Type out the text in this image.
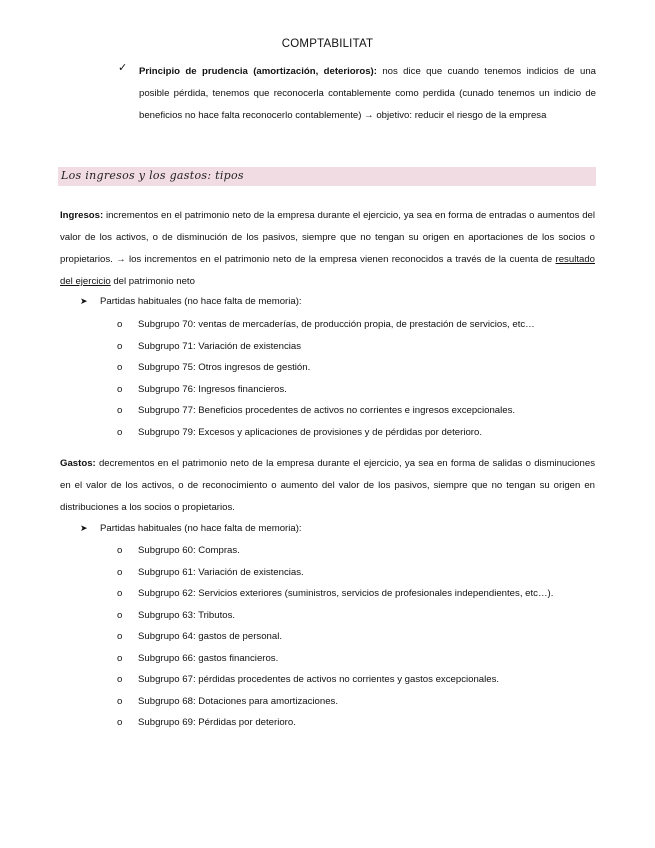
COMPTABILITAT
✓ Principio de prudencia (amortización, deterioros): nos dice que cuando tenemos indicios de una posible pérdida, tenemos que reconocerla contablemente como perdida (cunado tenemos un indicio de beneficios no hace falta reconocerlo contablemente) → objetivo: reducir el riesgo de la empresa
Los ingresos y los gastos: tipos
Ingresos: incrementos en el patrimonio neto de la empresa durante el ejercicio, ya sea en forma de entradas o aumentos del valor de los activos, o de disminución de los pasivos, siempre que no tengan su origen en aportaciones de los socios o propietarios. → los incrementos en el patrimonio neto de la empresa vienen reconocidos a través de la cuenta de resultado del ejercicio del patrimonio neto
➤ Partidas habituales (no hace falta de memoria):
o Subgrupo 70: ventas de mercaderías, de producción propia, de prestación de servicios, etc…
o Subgrupo 71: Variación de existencias
o Subgrupo 75: Otros ingresos de gestión.
o Subgrupo 76: Ingresos financieros.
o Subgrupo 77: Beneficios procedentes de activos no corrientes e ingresos excepcionales.
o Subgrupo 79: Excesos y aplicaciones de provisiones y de pérdidas por deterioro.
Gastos: decrementos en el patrimonio neto de la empresa durante el ejercicio, ya sea en forma de salidas o disminuciones en el valor de los activos, o de reconocimiento o aumento del valor de los pasivos, siempre que no tengan su origen en distribuciones a los socios o propietarios.
➤ Partidas habituales (no hace falta de memoria):
o Subgrupo 60: Compras.
o Subgrupo 61: Variación de existencias.
o Subgrupo 62: Servicios exteriores (suministros, servicios de profesionales independientes, etc…).
o Subgrupo 63: Tributos.
o Subgrupo 64: gastos de personal.
o Subgrupo 66: gastos financieros.
o Subgrupo 67: pérdidas procedentes de activos no corrientes y gastos excepcionales.
o Subgrupo 68: Dotaciones para amortizaciones.
o Subgrupo 69: Pérdidas por deterioro.
